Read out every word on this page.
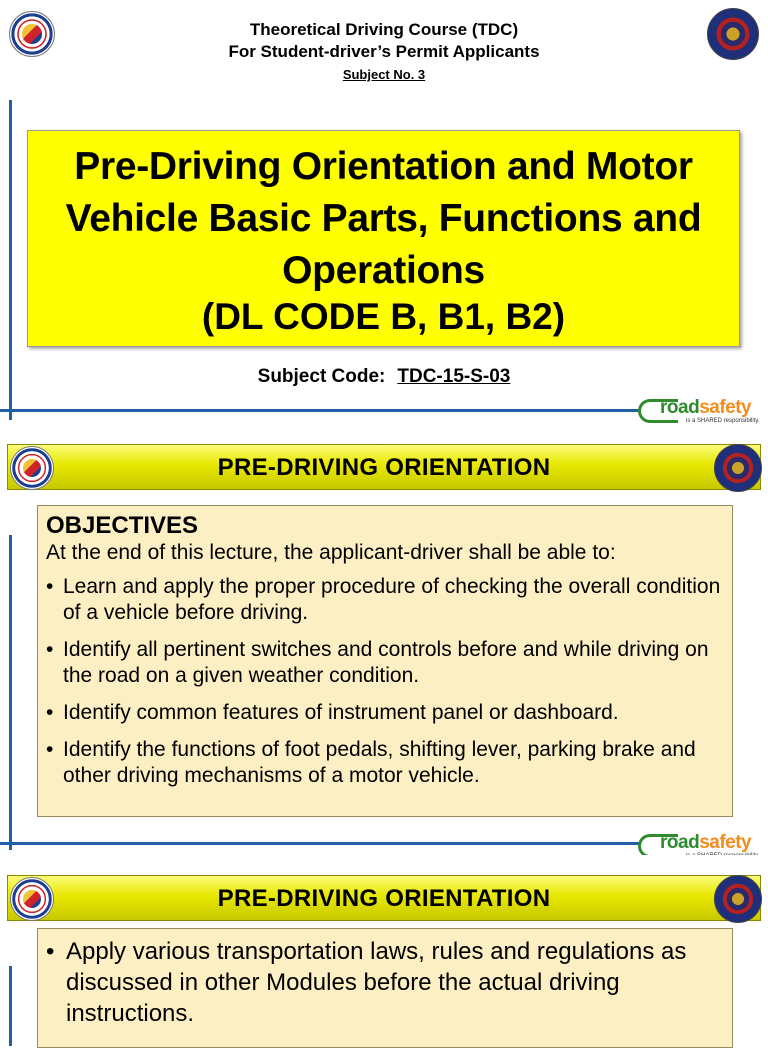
Theoretical Driving Course (TDC)
For Student-driver’s Permit Applicants
Subject No. 3
Pre-Driving Orientation and Motor Vehicle Basic Parts, Functions and Operations
(DL CODE B, B1, B2)
Subject Code: TDC-15-S-03
roadsafety
is a SHARED responsibility.
PRE-DRIVING ORIENTATION
OBJECTIVES
At the end of this lecture, the applicant-driver shall be able to:
• Learn and apply the proper procedure of checking the overall condition of a vehicle before driving.
• Identify all pertinent switches and controls before and while driving on the road on a given weather condition.
• Identify common features of instrument panel or dashboard.
• Identify the functions of foot pedals, shifting lever, parking brake and other driving mechanisms of a motor vehicle.
roadsafety
PRE-DRIVING ORIENTATION
• Apply various transportation laws, rules and regulations as discussed in other Modules before the actual driving instructions.
